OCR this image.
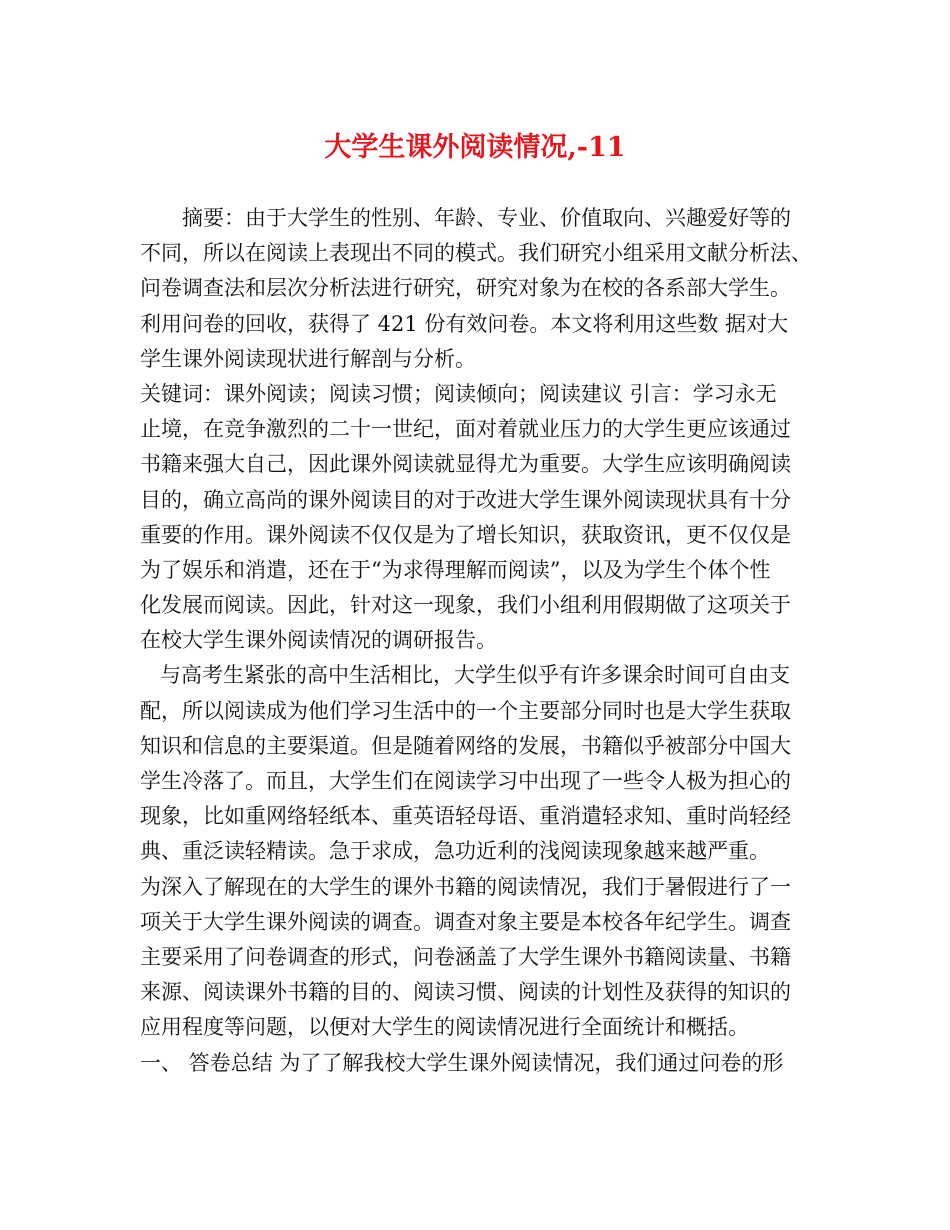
大学生课外阅读情况,-11
摘要：由于大学生的性别、年龄、专业、价值取向、兴趣爱好等的
不同，所以在阅读上表现出不同的模式。我们研究小组采用文献分析法、
问卷调查法和层次分析法进行研究，研究对象为在校的各系部大学生。
利用问卷的回收，获得了 421 份有效问卷。本文将利用这些数 据对大
学生课外阅读现状进行解剖与分析。
关键词：课外阅读；阅读习惯；阅读倾向；阅读建议 引言：学习永无
止境，在竞争激烈的二十一世纪，面对着就业压力的大学生更应该通过
书籍来强大自己，因此课外阅读就显得尤为重要。大学生应该明确阅读
目的，确立高尚的课外阅读目的对于改进大学生课外阅读现状具有十分
重要的作用。课外阅读不仅仅是为了增长知识，获取资讯，更不仅仅是
为了娱乐和消遣，还在于“为求得理解而阅读”，以及为学生个体个性
化发展而阅读。因此，针对这一现象，我们小组利用假期做了这项关于
在校大学生课外阅读情况的调研报告。
与高考生紧张的高中生活相比，大学生似乎有许多课余时间可自由支
配，所以阅读成为他们学习生活中的一个主要部分同时也是大学生获取
知识和信息的主要渠道。但是随着网络的发展，书籍似乎被部分中国大
学生冷落了。而且，大学生们在阅读学习中出现了一些令人极为担心的
现象，比如重网络轻纸本、重英语轻母语、重消遣轻求知、重时尚轻经
典、重泛读轻精读。急于求成，急功近利的浅阅读现象越来越严重。
为深入了解现在的大学生的课外书籍的阅读情况，我们于暑假进行了一
项关于大学生课外阅读的调查。调查对象主要是本校各年纪学生。调查
主要采用了问卷调查的形式，问卷涵盖了大学生课外书籍阅读量、书籍
来源、阅读课外书籍的目的、阅读习惯、阅读的计划性及获得的知识的
应用程度等问题，以便对大学生的阅读情况进行全面统计和概括。
一、 答卷总结 为了了解我校大学生课外阅读情况，我们通过问卷的形
